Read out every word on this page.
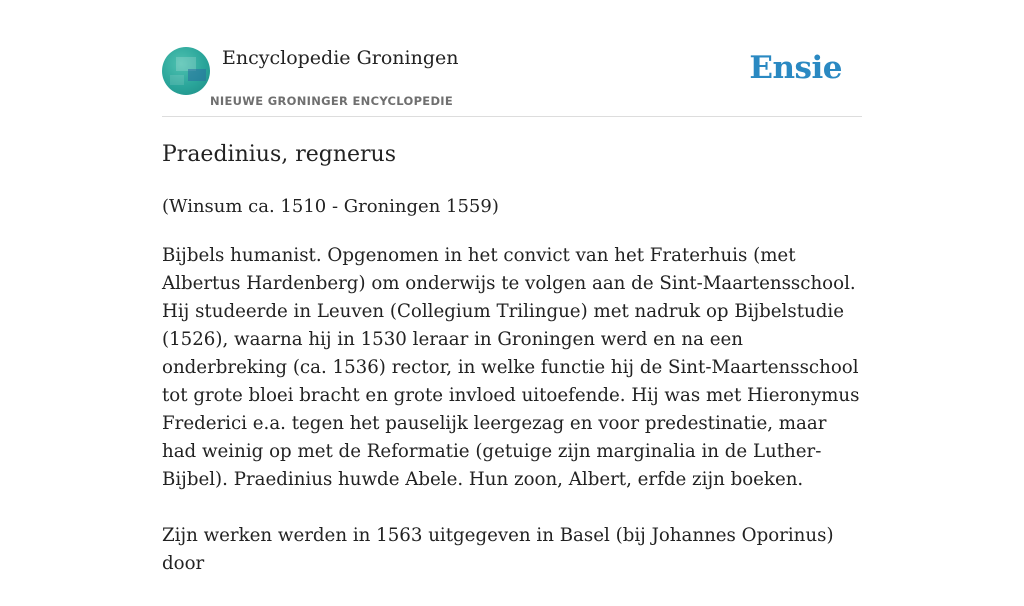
Encyclopedie Groningen
NIEUWE GRONINGER ENCYCLOPEDIE
Ensie
Praedinius, regnerus

(Winsum ca. 1510 - Groningen 1559)

Bijbels humanist. Opgenomen in het convict van het Fraterhuis (met Albertus Hardenberg) om onderwijs te volgen aan de Sint-Maartensschool. Hij studeerde in Leuven (Collegium Trilingue) met nadruk op Bijbelstudie (1526), waarna hij in 1530 leraar in Groningen werd en na een onderbreking (ca. 1536) rector, in welke functie hij de Sint-Maartensschool tot grote bloei bracht en grote invloed uitoefende. Hij was met Hieronymus Frederici e.a. tegen het pauselijk leergezag en voor predestinatie, maar had weinig op met de Reformatie (getuige zijn marginalia in de Luther-Bijbel). Praedinius huwde Abele. Hun zoon, Albert, erfde zijn boeken.

Zijn werken werden in 1563 uitgegeven in Basel (bij Johannes Oporinus) door
